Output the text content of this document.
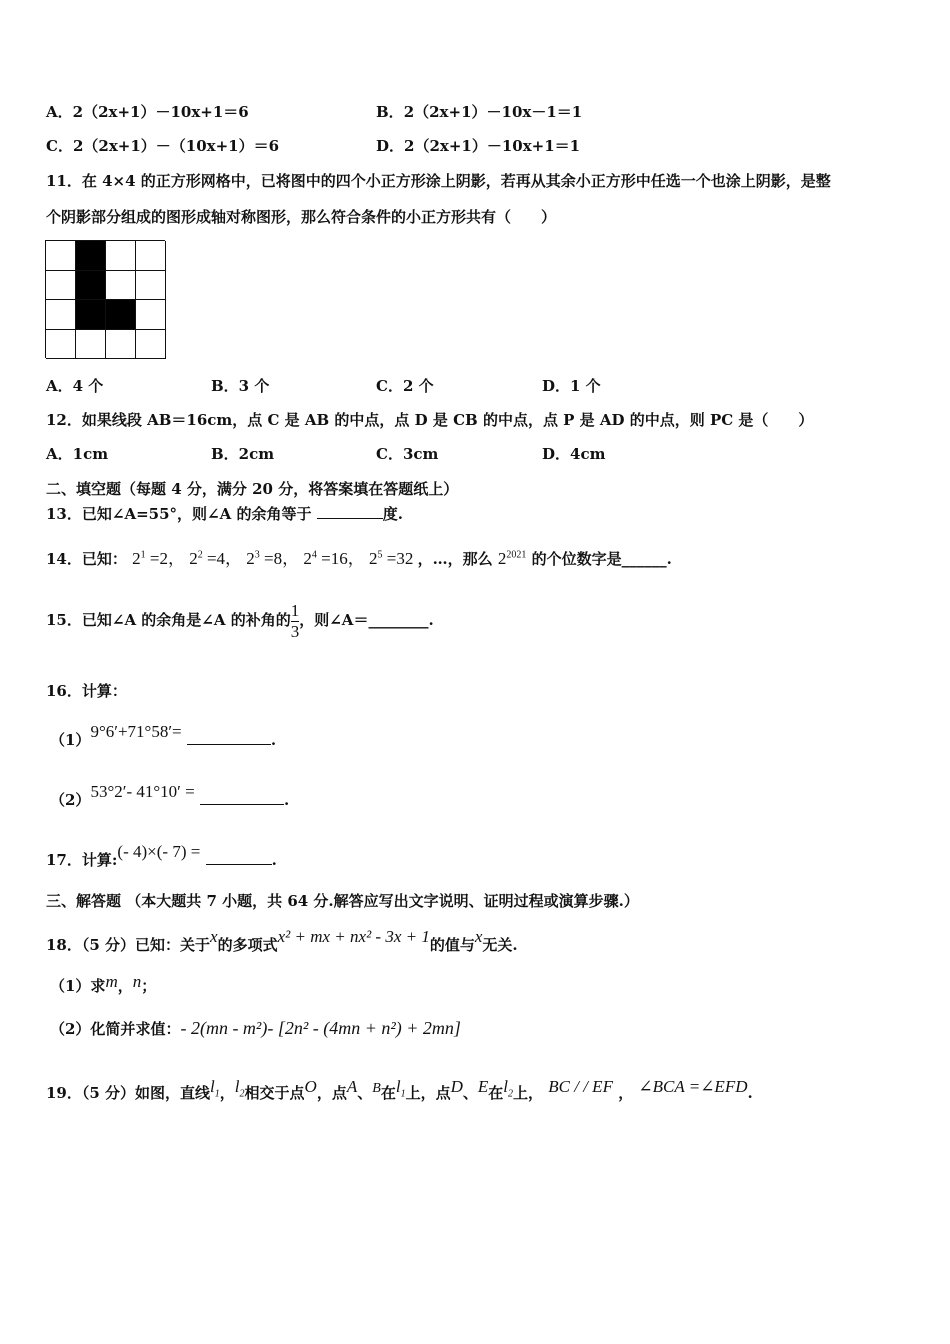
A．2（2x+1）－10x+1＝6	B．2（2x+1）－10x－1＝1
C．2（2x+1）－（10x+1）＝6	D．2（2x+1）－10x+1＝1
11．在 4×4 的正方形网格中，已将图中的四个小正方形涂上阴影，若再从其余小正方形中任选一个也涂上阴影，是整
个阴影部分组成的图形成轴对称图形，那么符合条件的小正方形共有（　　）
A．4 个	B．3 个	C．2 个	D．1 个
12．如果线段 AB＝16cm，点 C 是 AB 的中点，点 D 是 CB 的中点，点 P 是 AD 的中点，则 PC 是（　　）
A．1cm	B．2cm	C．3cm	D．4cm
二、填空题（每题 4 分，满分 20 分，将答案填在答题纸上）
13．已知∠A=55°，则∠A 的余角等于	度.
14．已知： $2^1 =2$， $2^2 =4$， $2^3 =8$， $2^4 =16$， $2^5 =32$ ，…，那么 $2^{2021}$ 的个位数字是______.
15．已知∠A 的余角是∠A 的补角的 $\frac{1}{3}$ ，则∠A＝________.
16．计算：
（1）9°6′+71°58′=	.
（2）53°2′- 41°10′ =	.
17．计算:(- 4)×(- 7) =	.
三、解答题 （本大题共 7 小题，共 64 分.解答应写出文字说明、证明过程或演算步骤.）
18．（5 分）已知：关于x的多项式x² + mx + nx² - 3x + 1的值与x无关.
（1）求m，n；
（2）化简并求值：- 2(mn - m²)- [2n² - (4mn + n²) + 2mn]
19．（5 分）如图，直线$l_1$，$l_2$相交于点O，点A、B在$l_1$上，点D、E在$l_2$上， BC / / EF ， ∠BCA =∠EFD.
